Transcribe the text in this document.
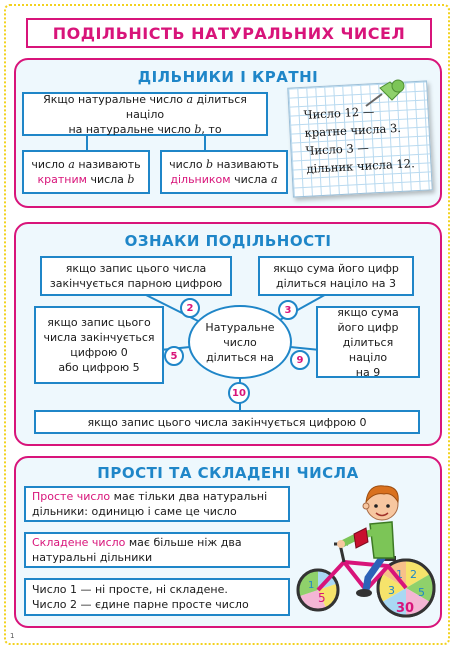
ПОДІЛЬНІСТЬ НАТУРАЛЬНИХ ЧИСЕЛ
ДІЛЬНИКИ І КРАТНІ
Якщо натуральне число a ділиться націло
на натуральне число b, то
число a називають
кратним числа b
число b називають
дільником числа a
Число 12 —
кратне числа 3.
Число 3 —
дільник числа 12.
ОЗНАКИ ПОДІЛЬНОСТІ
якщо запис цього числа
закінчується парною цифрою
якщо сума його цифр
ділиться націло на 3
якщо запис цього
числа закінчується
цифрою 0
або цифрою 5
якщо сума
його цифр
ділиться націло
на 9
якщо запис цього числа закінчується цифрою 0
Натуральне
число
ділиться на
2	3
5	9
10
ПРОСТІ ТА СКЛАДЕНІ ЧИСЛА
Просте число має тільки два натуральні
дільники: одиницю і саме це число
Складене число має більше ніж два
натуральні дільники
Число 1 — ні просте, ні складене.
Число 2 — єдине парне просте число
1 2
3 5
30
1
5
1
